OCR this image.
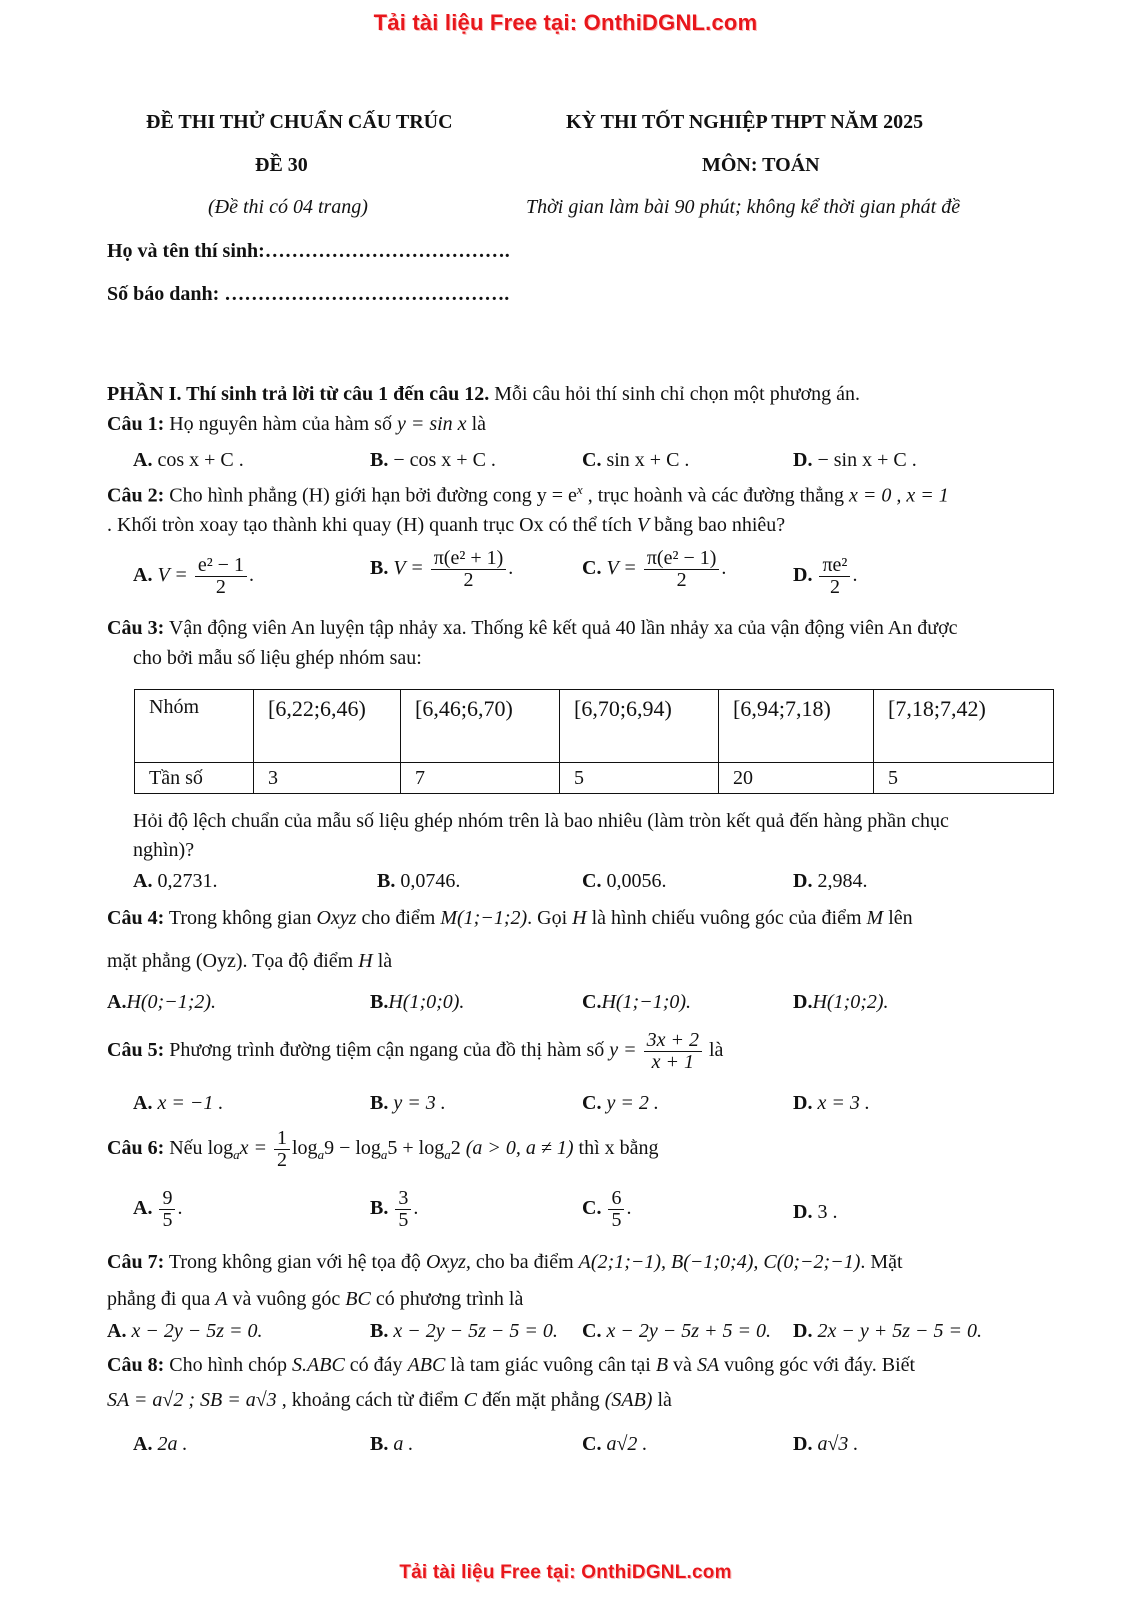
Tải tài liệu Free tại: OnthiDGNL.com
ĐỀ THI THỬ CHUẨN CẤU TRÚC	KỲ THI TỐT NGHIỆP THPT NĂM 2025
ĐỀ 30	MÔN: TOÁN
(Đề thi có 04 trang)	Thời gian làm bài 90 phút; không kể thời gian phát đề
Họ và tên thí sinh:……………………………….
Số báo danh: …………………………………….
PHẦN I. Thí sinh trả lời từ câu 1 đến câu 12. Mỗi câu hỏi thí sinh chỉ chọn một phương án.
Câu 1: Họ nguyên hàm của hàm số y = sin x là
A. cos x + C .	B. − cos x + C .	C. sin x + C .	D. − sin x + C .
Câu 2: Cho hình phẳng (H) giới hạn bởi đường cong $y = e^x$ , trục hoành và các đường thẳng x = 0 , x = 1
. Khối tròn xoay tạo thành khi quay (H) quanh trục Ox có thể tích V bằng bao nhiêu?
A. $V = \frac{\text{e² − 1}}{2}$ .	B. $V = \frac{\text{π(e² + 1)}}{2}$ .	C. $V = \frac{\text{π(e² − 1)}}{2}$ .	D. $\frac{\text{πe²}}{2}$ .
Câu 3: Vận động viên An luyện tập nhảy xa. Thống kê kết quả 40 lần nhảy xa của vận động viên An được
cho bởi mẫu số liệu ghép nhóm sau:
Nhóm	[6,22;6,46)	[6,46;6,70)	[6,70;6,94)	[6,94;7,18)	[7,18;7,42)
Tần số	3	7	5	20	5
Hỏi độ lệch chuẩn của mẫu số liệu ghép nhóm trên là bao nhiêu (làm tròn kết quả đến hàng phần chục
nghìn)?
A. 0,2731.	B. 0,0746.	C. 0,0056.	D. 2,984.
Câu 4: Trong không gian Oxyz cho điểm M(1;−1;2). Gọi H là hình chiếu vuông góc của điểm M lên
mặt phẳng (Oyz). Tọa độ điểm H là
A.H(0;−1;2).	B.H(1;0;0).	C.H(1;−1;0).	D.H(1;0;2).
Câu 5: Phương trình đường tiệm cận ngang của đồ thị hàm số $y = \frac{3x + 2}{x + 1}$ là
A. x = −1 .	B. y = 3 .	C. y = 2 .	D. x = 3 .
Câu 6: Nếu $\log_ax = \frac{1}{2} \log_a9 - \log_a5 + \log_a2$ (a > 0, a ≠ 1) thì x bằng
A. $\frac{9}{5}$ .	B. $\frac{3}{5}$ .	C. $\frac{6}{5}$ .	D. 3 .
Câu 7: Trong không gian với hệ tọa độ Oxyz, cho ba điểm A(2;1;−1), B(−1;0;4), C(0;−2;−1). Mặt
phẳng đi qua A và vuông góc BC có phương trình là
A. x − 2y − 5z = 0.	B. x − 2y − 5z − 5 = 0. C. x − 2y − 5z + 5 = 0. D. 2x − y + 5z − 5 = 0.
Câu 8: Cho hình chóp S.ABC có đáy ABC là tam giác vuông cân tại B và SA vuông góc với đáy. Biết
SA = a√2 ; SB = a√3 , khoảng cách từ điểm C đến mặt phẳng (SAB) là
A. 2a .	B. a .	C. a√2 .	D. a√3 .
Tải tài liệu Free tại: OnthiDGNL.com
